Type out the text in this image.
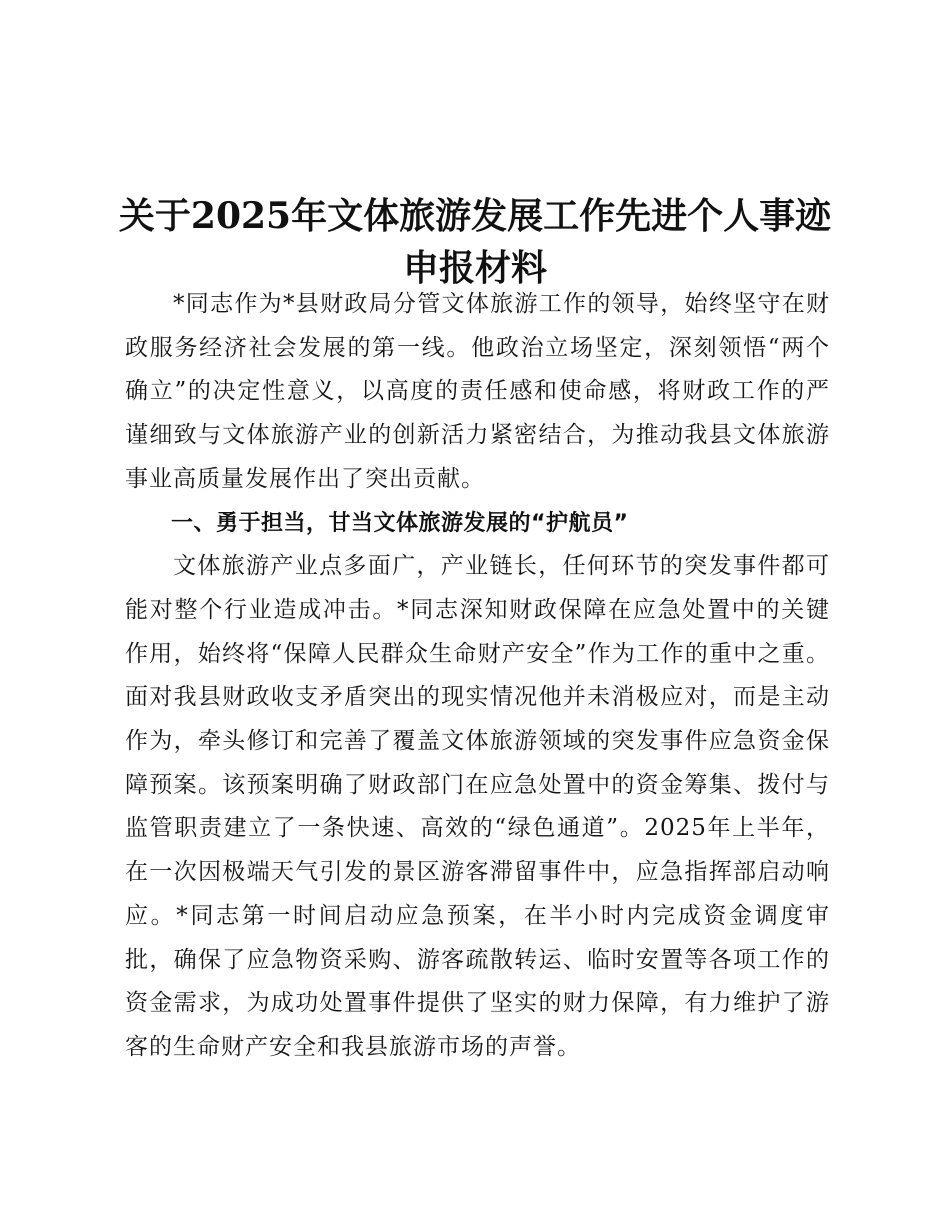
关于2025年文体旅游发展工作先进个人事迹申报材料

*同志作为*县财政局分管文体旅游工作的领导，始终坚守在财政服务经济社会发展的第一线。他政治立场坚定，深刻领悟“两个确立”的决定性意义，以高度的责任感和使命感，将财政工作的严谨细致与文体旅游产业的创新活力紧密结合，为推动我县文体旅游事业高质量发展作出了突出贡献。

一、勇于担当，甘当文体旅游发展的“护航员”

文体旅游产业点多面广，产业链长，任何环节的突发事件都可能对整个行业造成冲击。*同志深知财政保障在应急处置中的关键作用，始终将“保障人民群众生命财产安全”作为工作的重中之重。面对我县财政收支矛盾突出的现实情况他并未消极应对，而是主动作为，牵头修订和完善了覆盖文体旅游领域的突发事件应急资金保障预案。该预案明确了财政部门在应急处置中的资金筹集、拨付与监管职责建立了一条快速、高效的“绿色通道”。2025年上半年，在一次因极端天气引发的景区游客滞留事件中，应急指挥部启动响应。*同志第一时间启动应急预案，在半小时内完成资金调度审批，确保了应急物资采购、游客疏散转运、临时安置等各项工作的资金需求，为成功处置事件提供了坚实的财力保障，有力维护了游客的生命财产安全和我县旅游市场的声誉。
